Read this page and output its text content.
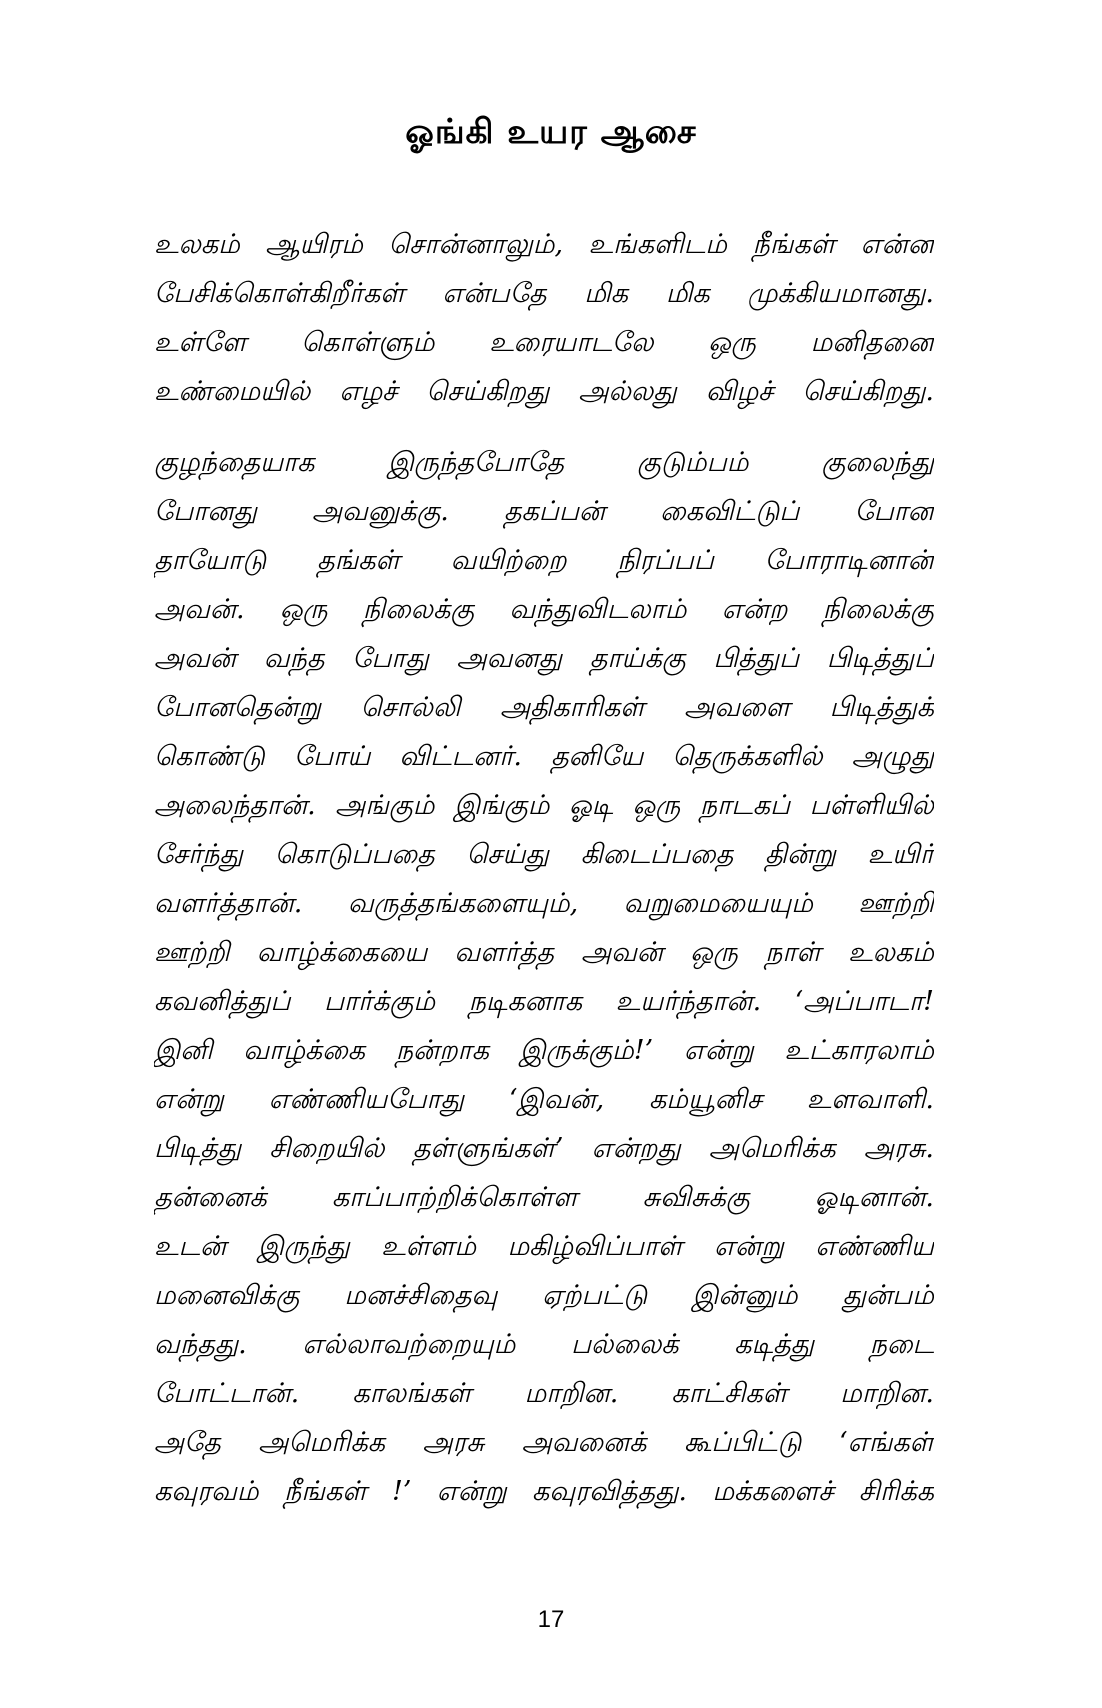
ஓங்கி உயர ஆசை
உலகம் ஆயிரம் சொன்னாலும், உங்களிடம் நீங்கள் என்ன
பேசிக்கொள்கிறீர்கள் என்பதே மிக மிக முக்கியமானது.
உள்ளே கொள்ளும் உரையாடலே ஒரு மனிதனை
உண்மையில் எழச் செய்கிறது அல்லது விழச் செய்கிறது.
குழந்தையாக இருந்தபோதே குடும்பம் குலைந்து
போனது அவனுக்கு. தகப்பன் கைவிட்டுப் போன
தாயோடு தங்கள் வயிற்றை நிரப்பப் போராடினான்
அவன். ஒரு நிலைக்கு வந்துவிடலாம் என்ற நிலைக்கு
அவன் வந்த போது அவனது தாய்க்கு பித்துப் பிடித்துப்
போனதென்று சொல்லி அதிகாரிகள் அவளை பிடித்துக்
கொண்டு போய் விட்டனர். தனியே தெருக்களில் அழுது
அலைந்தான். அங்கும் இங்கும் ஓடி ஒரு நாடகப் பள்ளியில்
சேர்ந்து கொடுப்பதை செய்து கிடைப்பதை தின்று உயிர்
வளர்த்தான். வருத்தங்களையும், வறுமையையும் ஊற்றி
ஊற்றி வாழ்க்கையை வளர்த்த அவன் ஒரு நாள் உலகம்
கவனித்துப் பார்க்கும் நடிகனாக உயர்ந்தான். ‘அப்பாடா!
இனி வாழ்க்கை நன்றாக இருக்கும்!’ என்று உட்காரலாம்
என்று எண்ணியபோது ‘இவன், கம்யூனிச உளவாளி.
பிடித்து சிறையில் தள்ளுங்கள்’ என்றது அமெரிக்க அரசு.
தன்னைக் காப்பாற்றிக்கொள்ள சுவிசுக்கு ஓடினான்.
உடன் இருந்து உள்ளம் மகிழ்விப்பாள் என்று எண்ணிய
மனைவிக்கு மனச்சிதைவு ஏற்பட்டு இன்னும் துன்பம்
வந்தது. எல்லாவற்றையும் பல்லைக் கடித்து நடை
போட்டான். காலங்கள் மாறின. காட்சிகள் மாறின.
அதே அமெரிக்க அரசு அவனைக் கூப்பிட்டு ‘எங்கள்
கவுரவம் நீங்கள் !’ என்று கவுரவித்தது. மக்களைச் சிரிக்க
17
